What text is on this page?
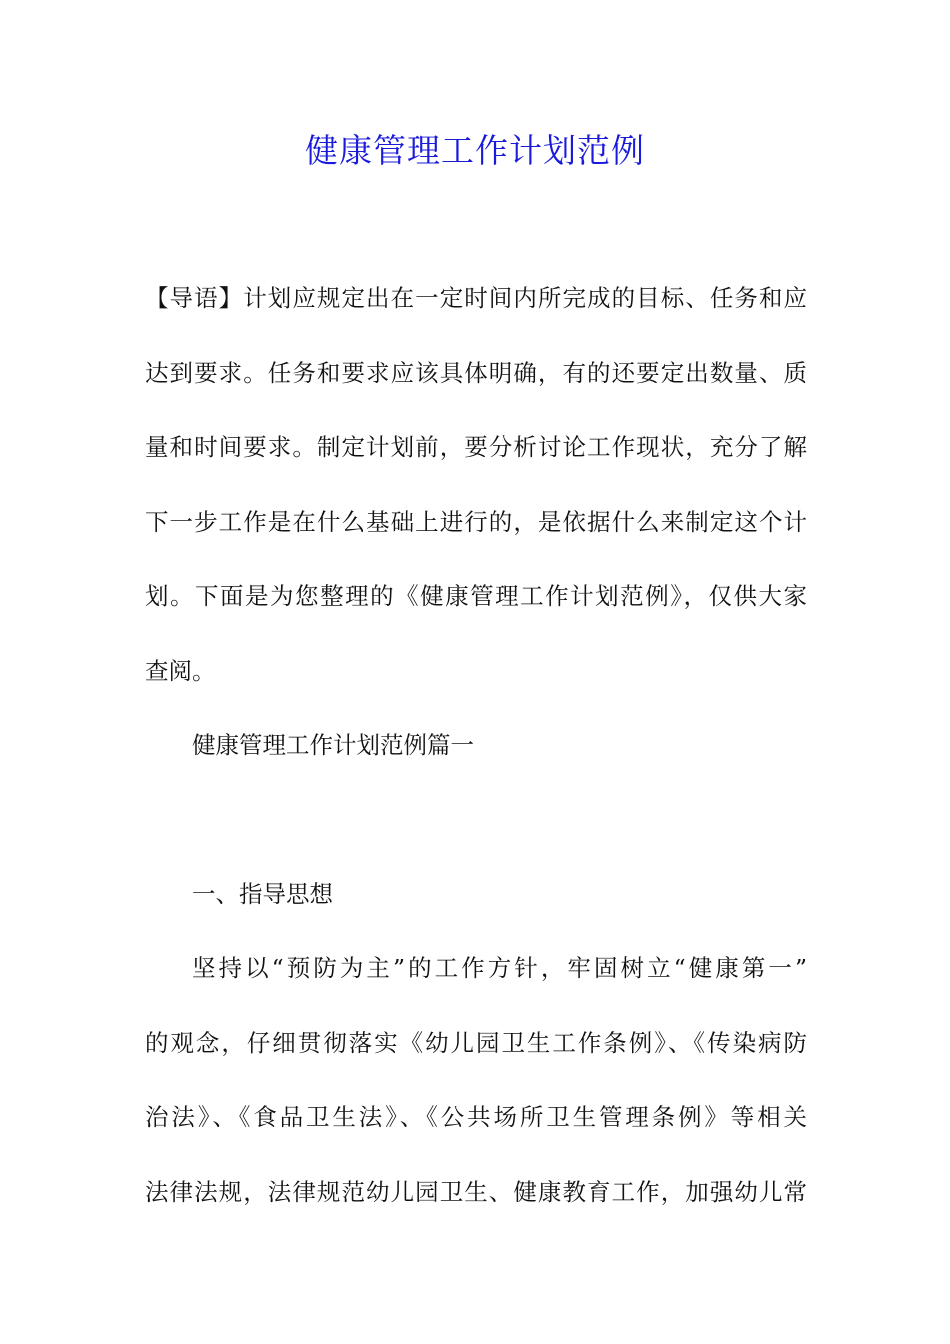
健康管理工作计划范例
【导语】计划应规定出在一定时间内所完成的目标、任务和应
达到要求。任务和要求应该具体明确，有的还要定出数量、质
量和时间要求。制定计划前，要分析讨论工作现状，充分了解
下一步工作是在什么基础上进行的，是依据什么来制定这个计
划。下面是为您整理的《健康管理工作计划范例》，仅供大家
查阅。
健康管理工作计划范例篇一
一、指导思想
坚持以“预防为主”的工作方针，牢固树立“健康第一”
的观念，仔细贯彻落实《幼儿园卫生工作条例》、《传染病防
治法》、《食品卫生法》、《公共场所卫生管理条例》等相关
法律法规，法律规范幼儿园卫生、健康教育工作，加强幼儿常
